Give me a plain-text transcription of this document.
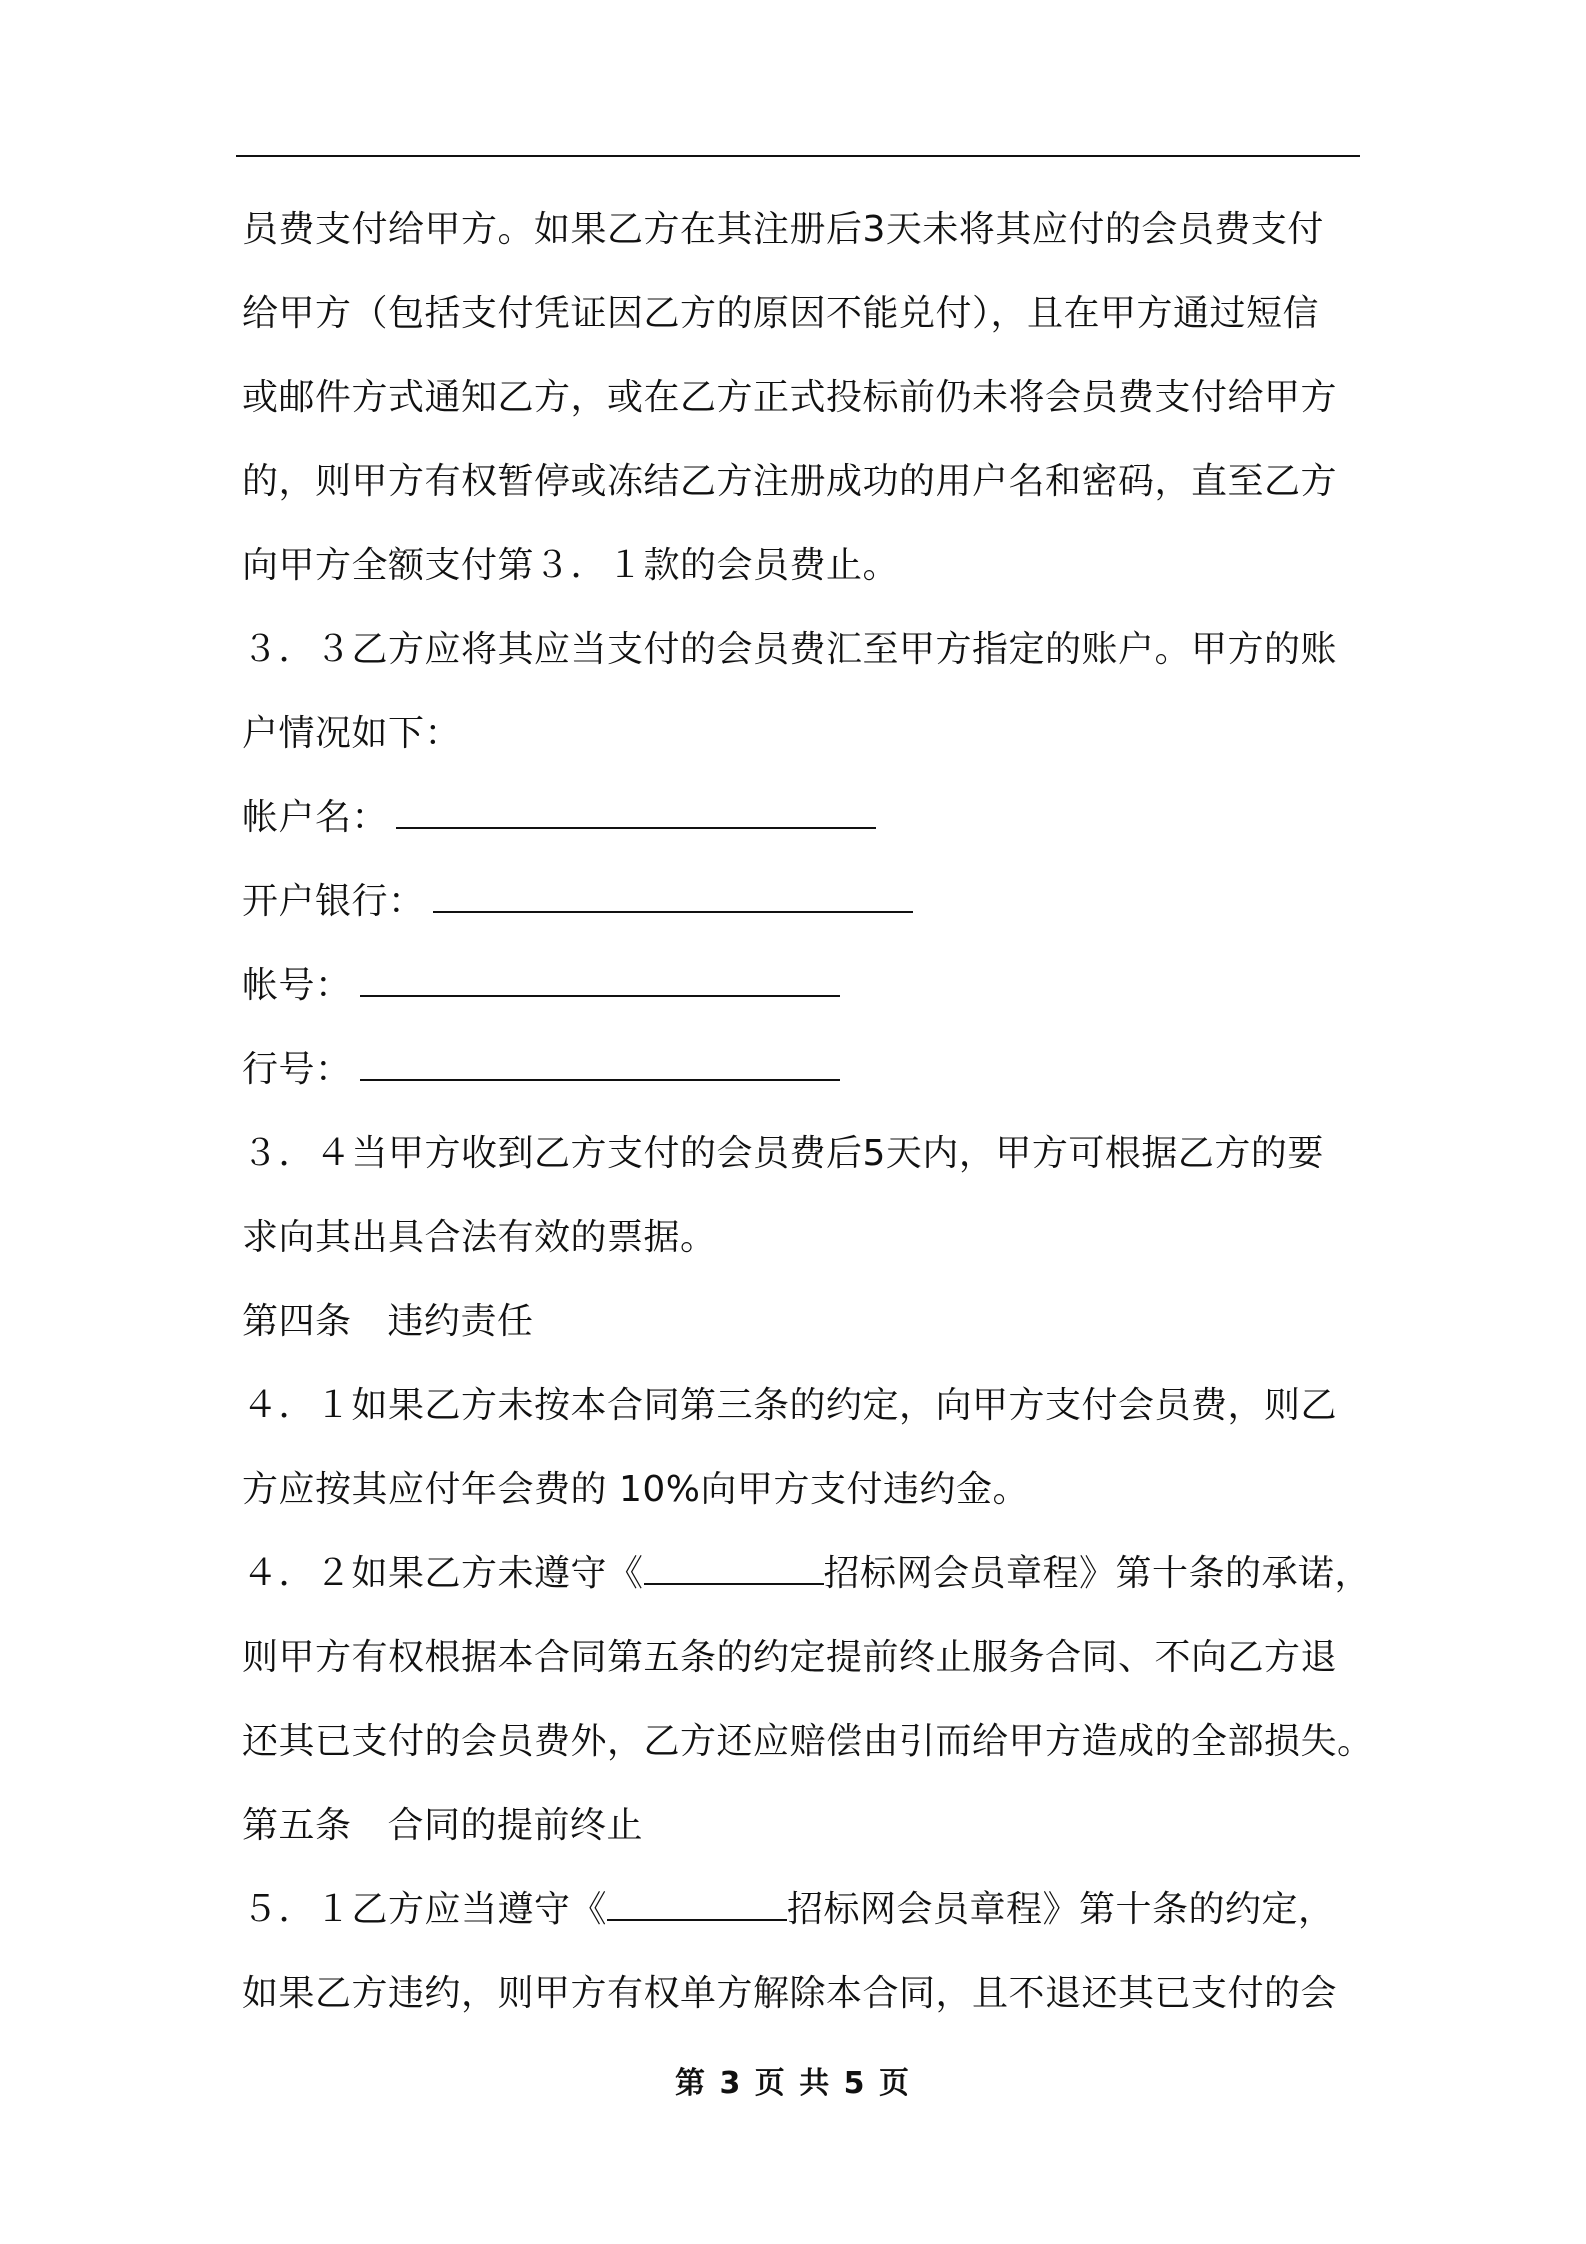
员费支付给甲方。如果乙方在其注册后3天未将其应付的会员费支付
给甲方（包括支付凭证因乙方的原因不能兑付），且在甲方通过短信
或邮件方式通知乙方，或在乙方正式投标前仍未将会员费支付给甲方
的，则甲方有权暂停或冻结乙方注册成功的用户名和密码，直至乙方
向甲方全额支付第３．１款的会员费止。
３．３乙方应将其应当支付的会员费汇至甲方指定的账户。甲方的账
户情况如下：
帐户名：
开户银行：
帐号：
行号：
３．４当甲方收到乙方支付的会员费后5天内，甲方可根据乙方的要
求向其出具合法有效的票据。
第四条 违约责任
４．１如果乙方未按本合同第三条的约定，向甲方支付会员费，则乙
方应按其应付年会费的 10%向甲方支付违约金。
４．２如果乙方未遵守《	招标网会员章程》第十条的承诺，
则甲方有权根据本合同第五条的约定提前终止服务合同、不向乙方退
还其已支付的会员费外，乙方还应赔偿由引而给甲方造成的全部损失。
第五条 合同的提前终止
５．１乙方应当遵守《	招标网会员章程》第十条的约定，
如果乙方违约，则甲方有权单方解除本合同，且不退还其已支付的会
第 3 页 共 5 页
